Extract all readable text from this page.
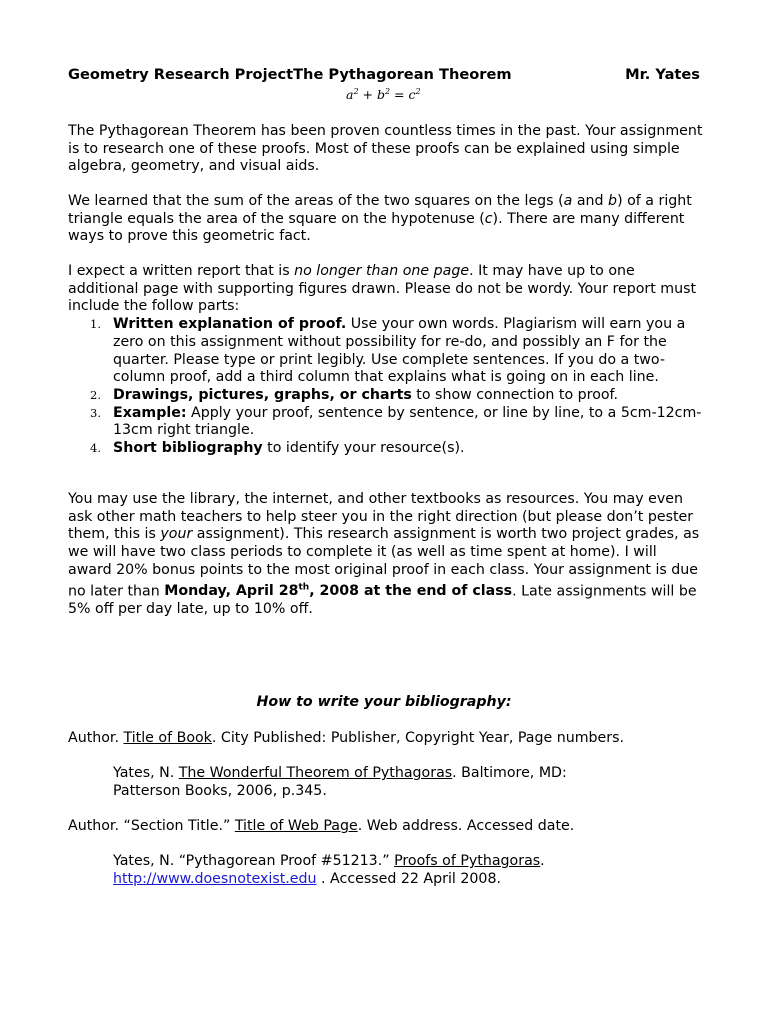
Geometry Research ProjectThe Pythagorean Theorem	Mr. Yates
$a^2 + b^2 = c^2$

The Pythagorean Theorem has been proven countless times in the past. Your assignment is to research one of these proofs. Most of these proofs can be explained using simple algebra, geometry, and visual aids.

We learned that the sum of the areas of the two squares on the legs (a and b) of a right triangle equals the area of the square on the hypotenuse (c). There are many different ways to prove this geometric fact.

I expect a written report that is no longer than one page. It may have up to one additional page with supporting figures drawn. Please do not be wordy. Your report must include the follow parts:

1. Written explanation of proof. Use your own words. Plagiarism will earn you a zero on this assignment without possibility for re-do, and possibly an F for the quarter. Please type or print legibly. Use complete sentences. If you do a two-column proof, add a third column that explains what is going on in each line.
2. Drawings, pictures, graphs, or charts to show connection to proof.
3. Example: Apply your proof, sentence by sentence, or line by line, to a 5cm-12cm-13cm right triangle.
4. Short bibliography to identify your resource(s).

You may use the library, the internet, and other textbooks as resources. You may even ask other math teachers to help steer you in the right direction (but please don’t pester them, this is your assignment). This research assignment is worth two project grades, as we will have two class periods to complete it (as well as time spent at home). I will award 20% bonus points to the most original proof in each class. Your assignment is due no later than Monday, April 28th, 2008 at the end of class. Late assignments will be 5% off per day late, up to 10% off.

How to write your bibliography:

Author. Title of Book. City Published: Publisher, Copyright Year, Page numbers.

Yates, N. The Wonderful Theorem of Pythagoras. Baltimore, MD: Patterson Books, 2006, p.345.

Author. “Section Title.” Title of Web Page. Web address. Accessed date.

Yates, N. “Pythagorean Proof #51213.” Proofs of Pythagoras.
http://www.doesnotexist.edu . Accessed 22 April 2008.
